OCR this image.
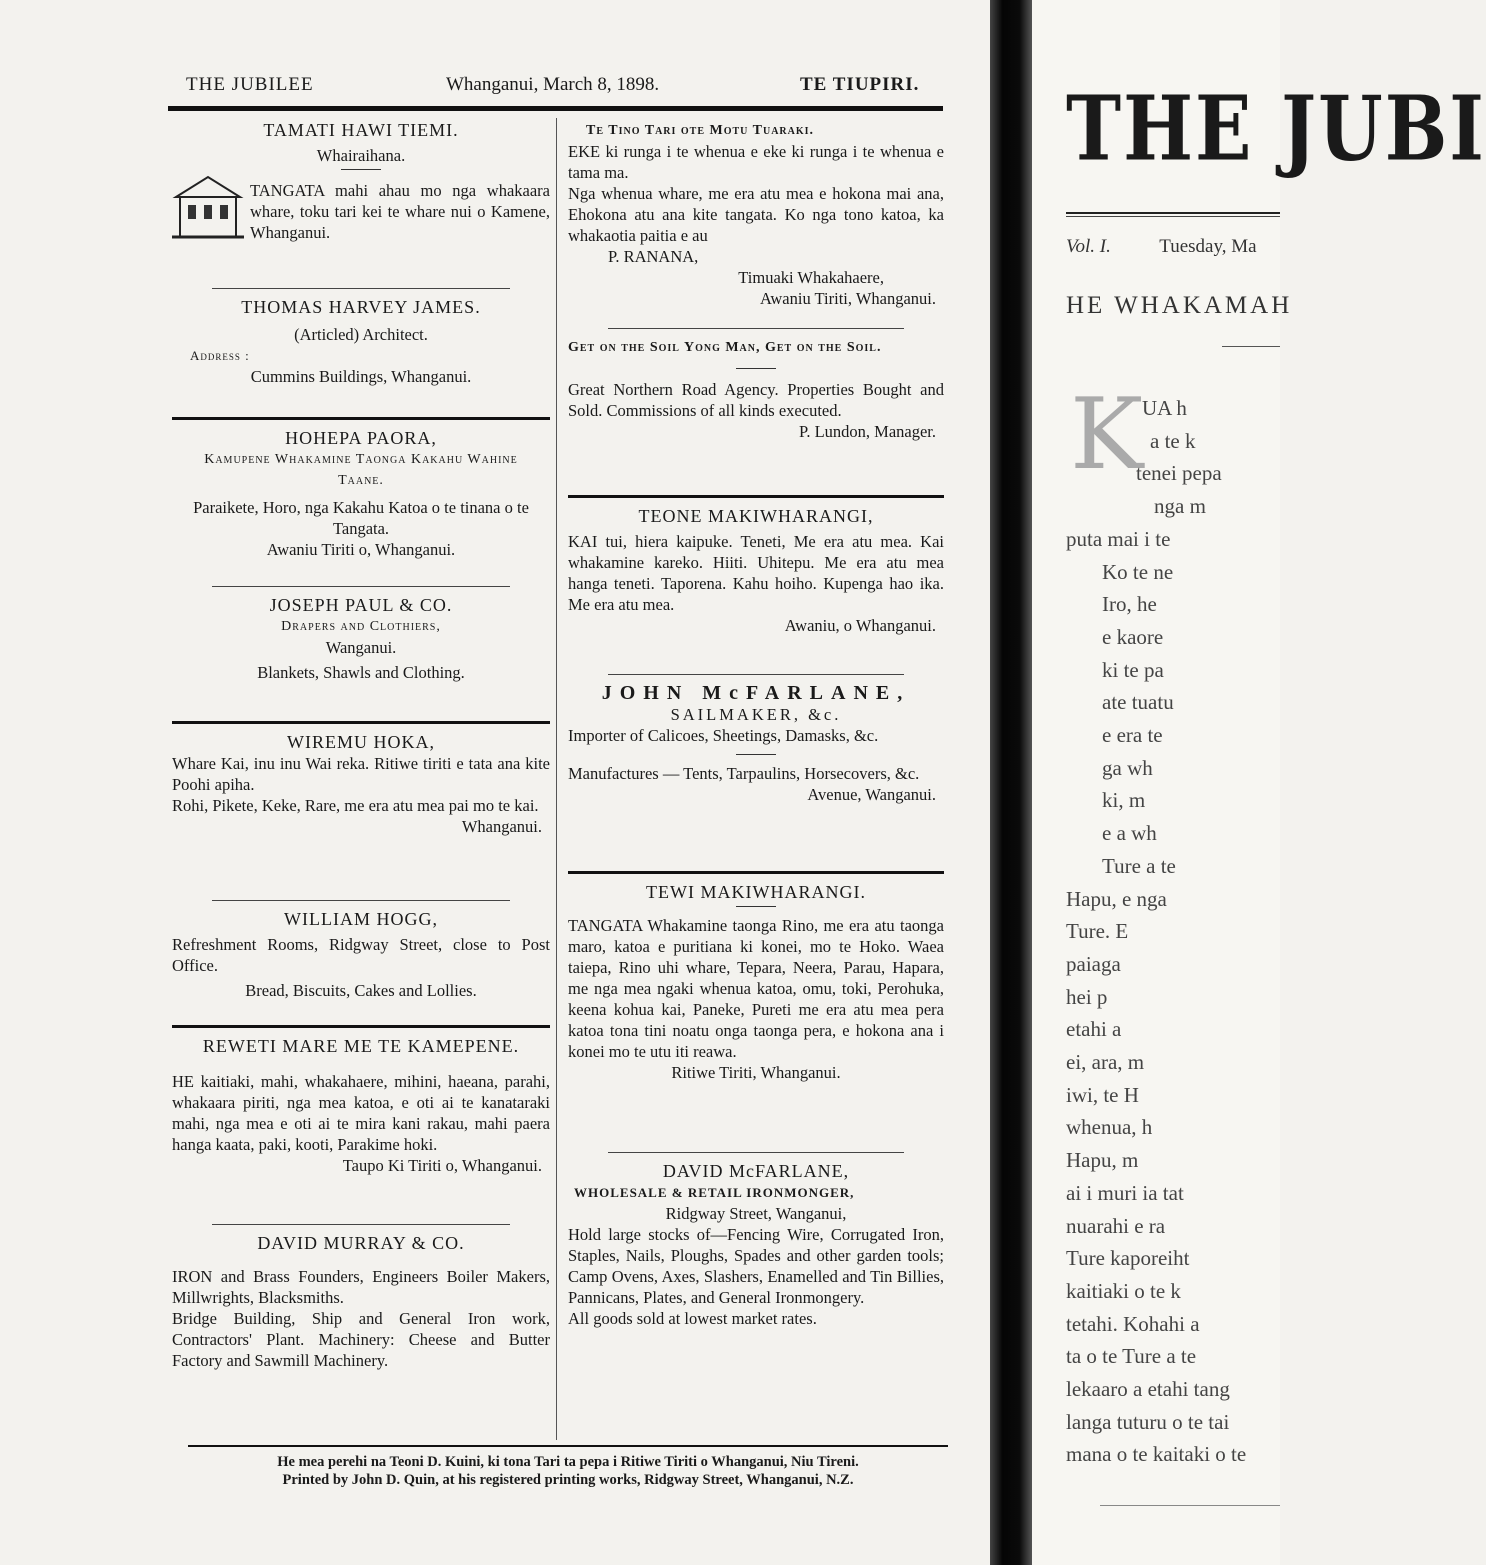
THE JUBILEE	Whanganui, March 8, 1898.	TE TIUPIRI.
TAMATI HAWI TIEMI.
Whairaihana.
TANGATA mahi ahau mo nga whakaara whare, toku tari kei te whare nui o Kamene, Whanganui.
THOMAS HARVEY JAMES.
(Articled) Architect.
Address :
Cummins Buildings, Whanganui.
HOHEPA PAORA,
Kamupene Whakamine Taonga Kakahu Wahine Taane.
Paraikete, Horo, nga Kakahu Katoa o te tinana o te Tangata.
Awaniu Tiriti o, Whanganui.
JOSEPH PAUL & CO.
Drapers and Clothiers,
Wanganui.
Blankets, Shawls and Clothing.
WIREMU HOKA,
Whare Kai, inu inu Wai reka. Ritiwe tiriti e tata ana kite Poohi apiha.
Rohi, Pikete, Keke, Rare, me era atu mea pai mo te kai.
Whanganui.
WILLIAM HOGG,
Refreshment Rooms, Ridgway Street, close to Post Office.
Bread, Biscuits, Cakes and Lollies.
REWETI MARE ME TE KAMEPENE.
HE kaitiaki, mahi, whakahaere, mihini, haeana, parahi, whakaara piriti, nga mea katoa, e oti ai te kanataraki mahi, nga mea e oti ai te mira kani rakau, mahi paera hanga kaata, paki, kooti, Parakime hoki.
Taupo Ki Tiriti o, Whanganui.
DAVID MURRAY & CO.
IRON and Brass Founders, Engineers Boiler Makers, Millwrights, Blacksmiths.
Bridge Building, Ship and General Iron work, Contractors' Plant. Machinery: Cheese and Butter Factory and Sawmill Machinery.
Te Tino Tari ote Motu Tuaraki.
EKE ki runga i te whenua e eke ki runga i te whenua e tama ma.
Nga whenua whare, me era atu mea e hokona mai ana, Ehokona atu ana kite tangata. Ko nga tono katoa, ka whakaotia paitia e au
P. RANANA,
Timuaki Whakahaere,
Awaniu Tiriti, Whanganui.
Get on the Soil Yong Man, Get on the Soil.
Great Northern Road Agency. Properties Bought and Sold. Commissions of all kinds executed.
P. Lundon, Manager.
TEONE MAKIWHARANGI,
KAI tui, hiera kaipuke. Teneti, Me era atu mea. Kai whakamine kareko. Hiiti. Uhitepu. Me era atu mea hanga teneti. Taporena. Kahu hoiho. Kupenga hao ika. Me era atu mea.
Awaniu, o Whanganui.
JOHN McFARLANE,
SAILMAKER, &c.
Importer of Calicoes, Sheetings, Damasks, &c.
Manufactures — Tents, Tarpaulins, Horsecovers, &c.
Avenue, Wanganui.
TEWI MAKIWHARANGI.
TANGATA Whakamine taonga Rino, me era atu taonga maro, katoa e puritiana ki konei, mo te Hoko. Waea taiepa, Rino uhi whare, Tepara, Neera, Parau, Hapara, me nga mea ngaki whenua katoa, omu, toki, Perohuka, keena kohua kai, Paneke, Pureti me era atu mea pera katoa tona tini noatu onga taonga pera, e hokona ana i konei mo te utu iti reawa.
Ritiwe Tiriti, Whanganui.
DAVID McFARLANE,
WHOLESALE & RETAIL IRONMONGER,
Ridgway Street, Wanganui,
Hold large stocks of—Fencing Wire, Corrugated Iron, Staples, Nails, Ploughs, Spades and other garden tools; Camp Ovens, Axes, Slashers, Enamelled and Tin Billies, Pannicans, Plates, and General Ironmongery.
All goods sold at lowest market rates.
He mea perehi na Teoni D. Kuini, ki tona Tari ta pepa i Ritiwe Tiriti o Whanganui, Niu Tireni.
Printed by John D. Quin, at his registered printing works, Ridgway Street, Whanganui, N.Z.
THE JUBI
Vol. I.	Tuesday, Ma
HE WHAKAMAH
K
UA h
a te k
tenei pepa
nga m
puta mai i te
Ko te ne
Iro, he
e kaore
ki te pa
ate tuatu
e era te
ga wh
ki, m
e a wh
Ture a te
Hapu, e nga
Ture. E
paiaga
hei p
etahi a
ei, ara, m
iwi, te H
whenua, h
Hapu, m
ai i muri ia tat
nuarahi e ra
Ture kaporeiht
kaitiaki o te k
tetahi. Kohahi a
ta o te Ture a te
lekaaro a etahi tang
langa tuturu o te tai
mana o te kaitaki o te
